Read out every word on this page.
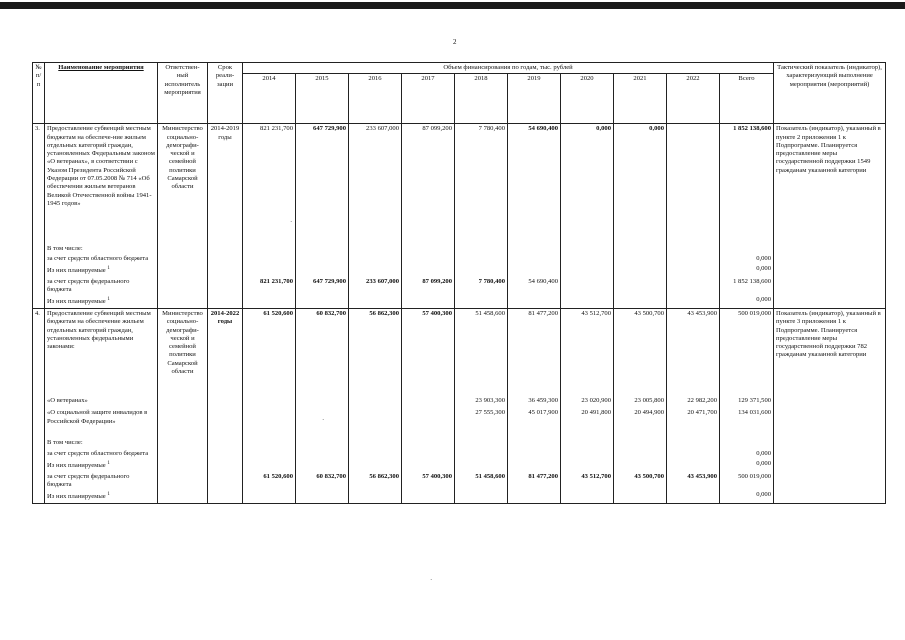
2
·
·
·
№ п/п	Наименование мероприятия	Ответствен-ный исполнитель мероприятия	Срок реали-зации	Объем финансирования по годам, тыс. рублей										Тактический показатель (индикатор), характеризующий выполнение мероприятия (мероприятий)
				2014	2015	2016	2017	2018	2019	2020	2021	2022	Всего	
3.	Предоставление субвенций местным бюджетам на обеспече-ние жильем отдельных категорий граждан, установленных Федеральным законом «О ветеранах», в соответствии с Указом Президента Российской Федерации от 07.05.2008 № 714 «Об обеспечении жильем ветеранов Великой Отечественной войны 1941-1945 годов»	Министерство социально-демографи-ческой и семейной политики Самарской области	2014-2019 годы	821 231,700	647 729,900	233 607,000	87 099,200	7 780,400	54 690,400	0,000	0,000		1 852 138,600	Показатель (индикатор), указанный в пункте 2 приложения 1 к Подпрограмме. Планируется предоставление меры государственной поддержки 1549 гражданам указанной категории
	В том числе:													
	за счет средств областного бюджета												0,000	
	Из них планируемые $^1$												0,000	
	за счет средств федерального бюджета			821 231,700	647 729,900	233 607,000	87 099,200	7 780,400	54 690,400				1 852 138,600	
	Из них планируемые $^1$												0,000	
4.	Предоставление субвенций местным бюджетам на обеспечение жильем отдельных категорий граждан, установленных федеральными законами:	Министерство социально-демографи-ческой и семейной политики Самарской области	2014-2022 годы	61 520,600	60 832,700	56 862,300	57 400,300	51 458,600	81 477,200	43 512,700	43 500,700	43 453,900	500 019,000	Показатель (индикатор), указанный в пункте 3 приложения 1 к Подпрограмме. Планируется предоставление меры государственной поддержки 782 гражданам указанной категории
	«О ветеранах»							23 903,300	36 459,300	23 020,900	23 005,800	22 982,200	129 371,500	
	«О социальной защите инвалидов в Российской Федерации»							27 555,300	45 017,900	20 491,800	20 494,900	20 471,700	134 031,600	
	В том числе:													
	за счет средств областного бюджета												0,000	
	Из них планируемые $^1$												0,000	
	за счет средств федерального бюджета			61 520,600	60 832,700	56 862,300	57 400,300	51 458,600	81 477,200	43 512,700	43 500,700	43 453,900	500 019,000	
	Из них планируемые $^1$												0,000	
